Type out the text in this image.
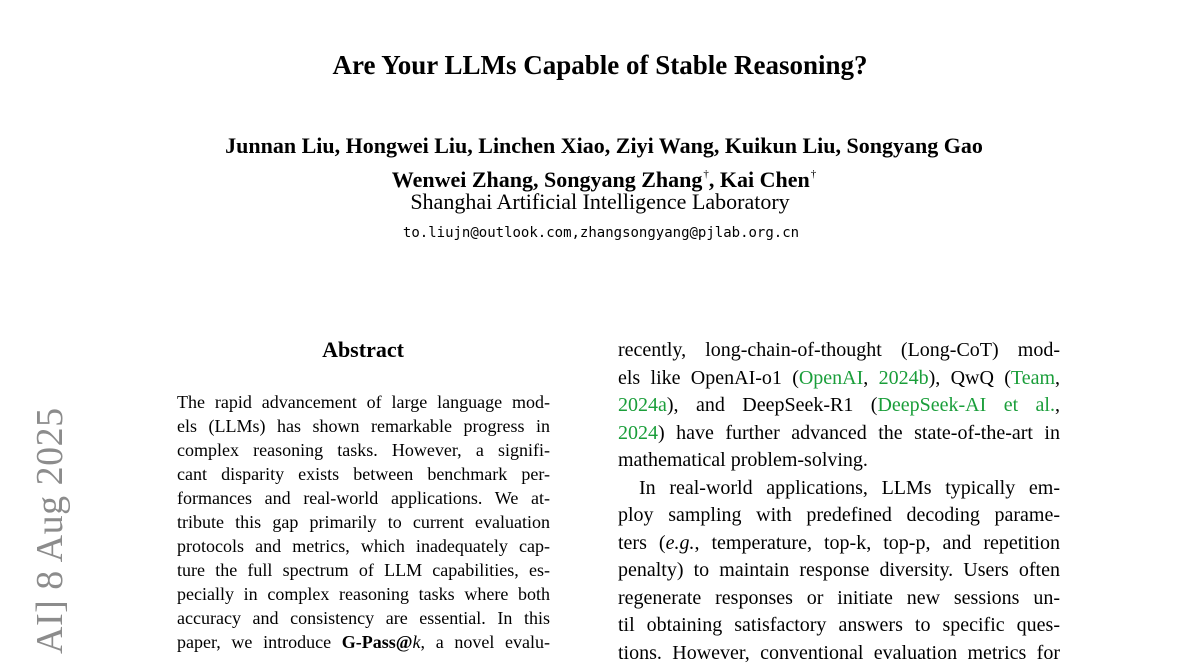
Are Your LLMs Capable of Stable Reasoning?
Junnan Liu, Hongwei Liu, Linchen Xiao, Ziyi Wang, Kuikun Liu, Songyang Gao
Wenwei Zhang, Songyang Zhang†, Kai Chen†
Shanghai Artificial Intelligence Laboratory
to.liujn@outlook.com,zhangsongyang@pjlab.org.cn
AI] 8 Aug 2025
Abstract
The rapid advancement of large language mod-
els (LLMs) has shown remarkable progress in
complex reasoning tasks. However, a signifi-
cant disparity exists between benchmark per-
formances and real-world applications. We at-
tribute this gap primarily to current evaluation
protocols and metrics, which inadequately cap-
ture the full spectrum of LLM capabilities, es-
pecially in complex reasoning tasks where both
accuracy and consistency are essential. In this
paper, we introduce G-Pass@k, a novel evalu-
recently, long-chain-of-thought (Long-CoT) mod-
els like OpenAI-o1 (OpenAI, 2024b), QwQ (Team,
2024a), and DeepSeek-R1 (DeepSeek-AI et al.,
2024) have further advanced the state-of-the-art in
mathematical problem-solving.
In real-world applications, LLMs typically em-
ploy sampling with predefined decoding parame-
ters (e.g., temperature, top-k, top-p, and repetition
penalty) to maintain response diversity. Users often
regenerate responses or initiate new sessions un-
til obtaining satisfactory answers to specific ques-
tions. However, conventional evaluation metrics for
